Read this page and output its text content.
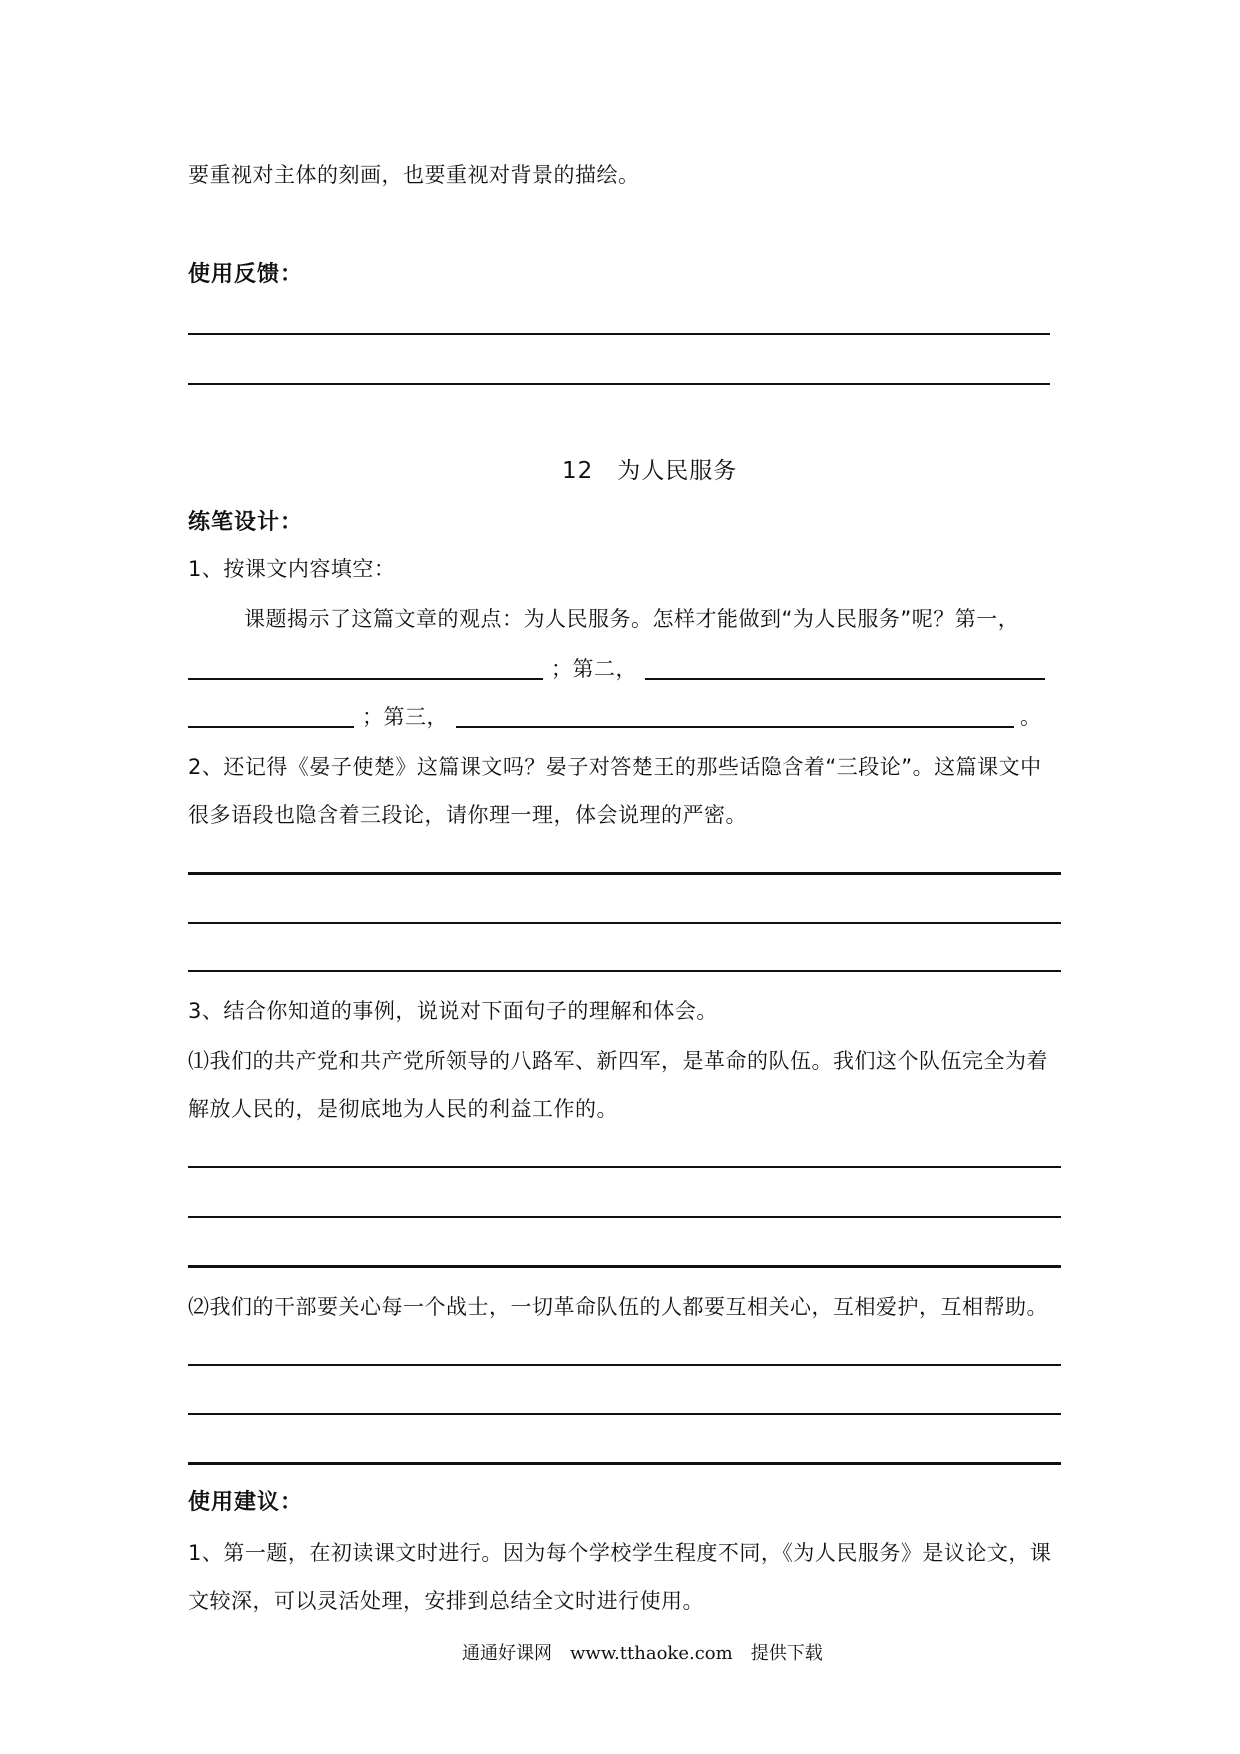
要重视对主体的刻画，也要重视对背景的描绘。
使用反馈：
12　为人民服务
练笔设计：
1、按课文内容填空：
课题揭示了这篇文章的观点：为人民服务。怎样才能做到“为人民服务”呢？第一，
；第二，
；第三，	。
2、还记得《晏子使楚》这篇课文吗？晏子对答楚王的那些话隐含着“三段论”。这篇课文中
很多语段也隐含着三段论，请你理一理，体会说理的严密。
3、结合你知道的事例，说说对下面句子的理解和体会。
⑴我们的共产党和共产党所领导的八路军、新四军，是革命的队伍。我们这个队伍完全为着
解放人民的，是彻底地为人民的利益工作的。
⑵我们的干部要关心每一个战士，一切革命队伍的人都要互相关心，互相爱护，互相帮助。
使用建议：
1、第一题，在初读课文时进行。因为每个学校学生程度不同，《为人民服务》是议论文，课
文较深，可以灵活处理，安排到总结全文时进行使用。
通通好课网　www.tthaoke.com　提供下载
